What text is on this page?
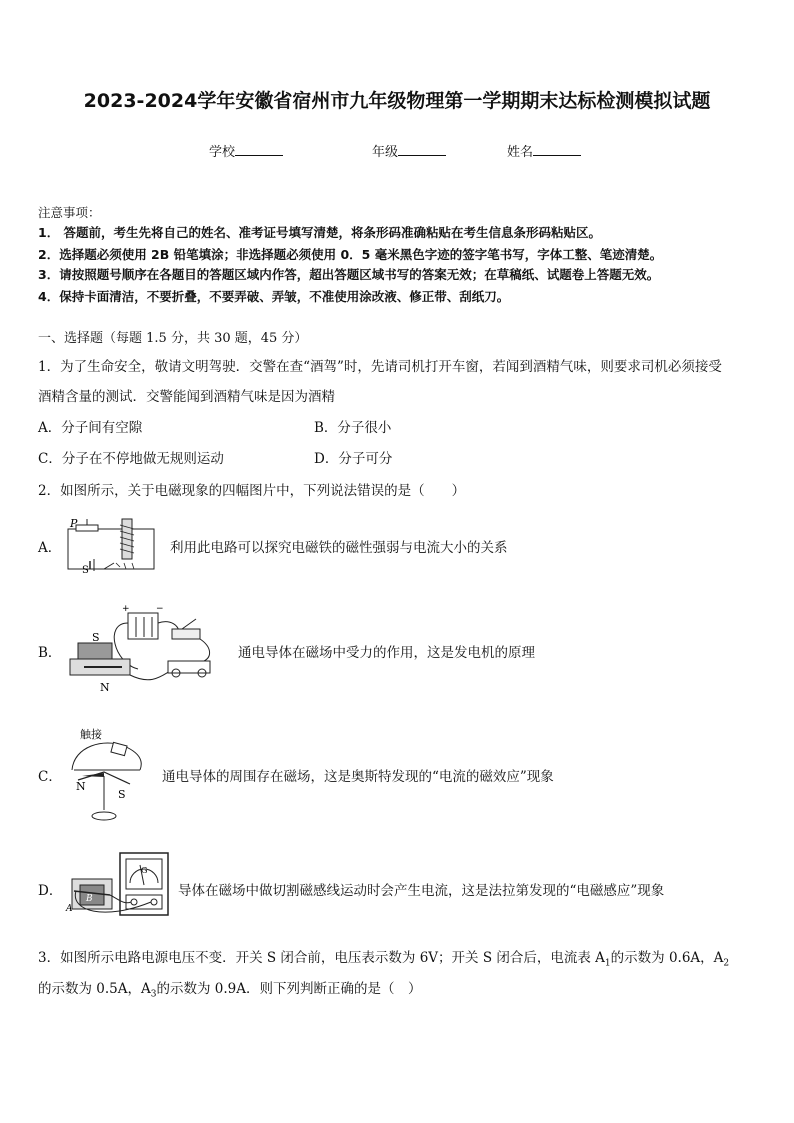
2023-2024学年安徽省宿州市九年级物理第一学期期末达标检测模拟试题
学校	年级	姓名
注意事项：
1． 答题前，考生先将自己的姓名、准考证号填写清楚，将条形码准确粘贴在考生信息条形码粘贴区。
2．选择题必须使用 2B 铅笔填涂；非选择题必须使用 0．5 毫米黑色字迹的签字笔书写，字体工整、笔迹清楚。
3．请按照题号顺序在各题目的答题区域内作答，超出答题区域书写的答案无效；在草稿纸、试题卷上答题无效。
4．保持卡面清洁，不要折叠，不要弄破、弄皱，不准使用涂改液、修正带、刮纸刀。
一、选择题（每题 1.5 分，共 30 题，45 分）
1．为了生命安全，敬请文明驾驶．交警在查“酒驾”时，先请司机打开车窗，若闻到酒精气味，则要求司机必须接受
酒精含量的测试．交警能闻到酒精气味是因为酒精
A．分子间有空隙	B．分子很小
C．分子在不停地做无规则运动	D．分子可分
2．如图所示，关于电磁现象的四幅图片中，下列说法错误的是（　　）
A．
P
S
利用此电路可以探究电磁铁的磁性强弱与电流大小的关系
B．
+	−
S
N
通电导体在磁场中受力的作用，这是发电机的原理
C．
触接
N
S
通电导体的周围存在磁场，这是奥斯特发现的“电流的磁效应”现象
D．
G
A
B	导体在磁场中做切割磁感线运动时会产生电流，这是法拉第发现的“电磁感应”现象
3．如图所示电路电源电压不变．开关 S 闭合前，电压表示数为 6V；开关 S 闭合后，电流表 $A_1$的示数为 0.6A，$A_2$
的示数为 0.5A，$A_3$的示数为 0.9A．则下列判断正确的是（　）
